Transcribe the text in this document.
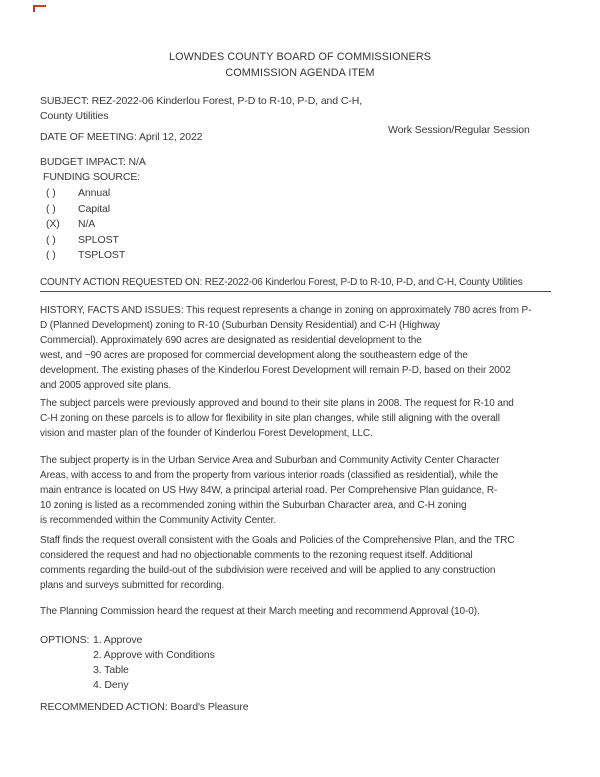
LOWNDES COUNTY BOARD OF COMMISSIONERS
COMMISSION AGENDA ITEM
SUBJECT: REZ-2022-06 Kinderlou Forest, P-D to R-10, P-D, and C-H,
County Utilities
DATE OF MEETING: April 12, 2022
Work Session/Regular Session
BUDGET IMPACT: N/A
FUNDING SOURCE:
( ) Annual
( ) Capital
(X) N/A
( ) SPLOST
( ) TSPLOST
COUNTY ACTION REQUESTED ON: REZ-2022-06 Kinderlou Forest, P-D to R-10, P-D, and C-H, County Utilities
HISTORY, FACTS AND ISSUES: This request represents a change in zoning on approximately 780 acres from P-
D (Planned Development) zoning to R-10 (Suburban Density Residential) and C-H (Highway
Commercial). Approximately 690 acres are designated as residential development to the
west, and ~90 acres are proposed for commercial development along the southeastern edge of the
development. The existing phases of the Kinderlou Forest Development will remain P-D, based on their 2002
and 2005 approved site plans.
The subject parcels were previously approved and bound to their site plans in 2008. The request for R-10 and
C-H zoning on these parcels is to allow for flexibility in site plan changes, while still aligning with the overall
vision and master plan of the founder of Kinderlou Forest Development, LLC.
The subject property is in the Urban Service Area and Suburban and Community Activity Center Character
Areas, with access to and from the property from various interior roads (classified as residential), while the
main entrance is located on US Hwy 84W, a principal arterial road. Per Comprehensive Plan guidance, R-
10 zoning is listed as a recommended zoning within the Suburban Character area, and C-H zoning
is recommended within the Community Activity Center.
Staff finds the request overall consistent with the Goals and Policies of the Comprehensive Plan, and the TRC
considered the request and had no objectionable comments to the rezoning request itself. Additional
comments regarding the build-out of the subdivision were received and will be applied to any construction
plans and surveys submitted for recording.
The Planning Commission heard the request at their March meeting and recommend Approval (10-0).
OPTIONS: 1. Approve
2. Approve with Conditions
3. Table
4. Deny
RECOMMENDED ACTION: Board's Pleasure
